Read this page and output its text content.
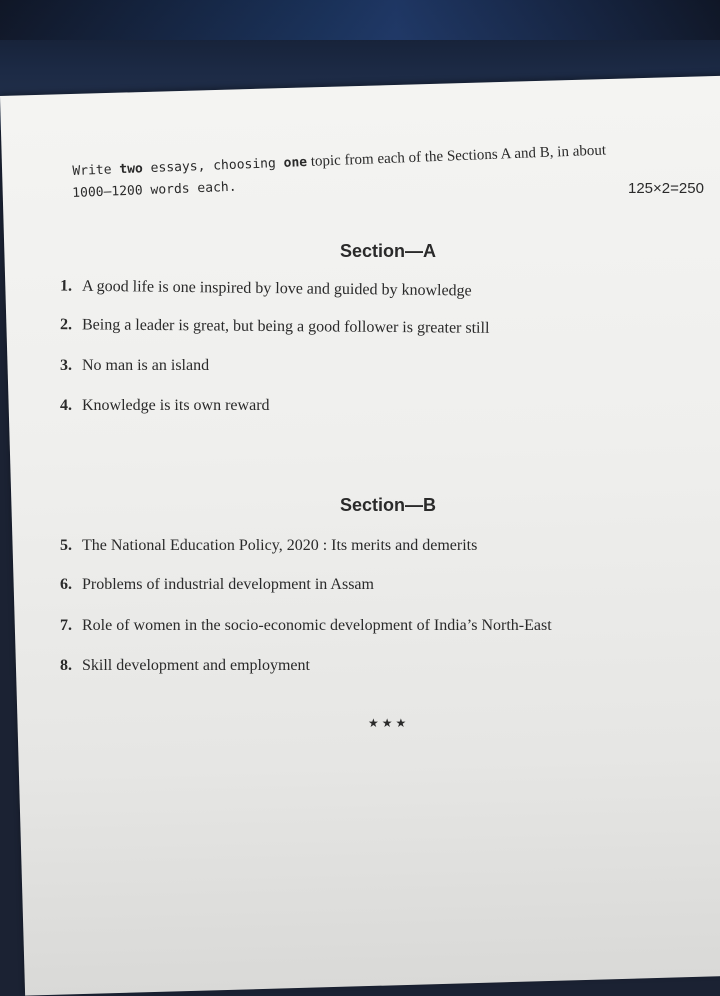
Write two essays, choosing one topic from each of the Sections A and B, in about
1000–1200 words each.	125×2=250
Section—A
1. A good life is one inspired by love and guided by knowledge
2. Being a leader is great, but being a good follower is greater still
3. No man is an island
4. Knowledge is its own reward
Section—B
5. The National Education Policy, 2020 : Its merits and demerits
6. Problems of industrial development in Assam
7. Role of women in the socio-economic development of India’s North-East
8. Skill development and employment
★★★
